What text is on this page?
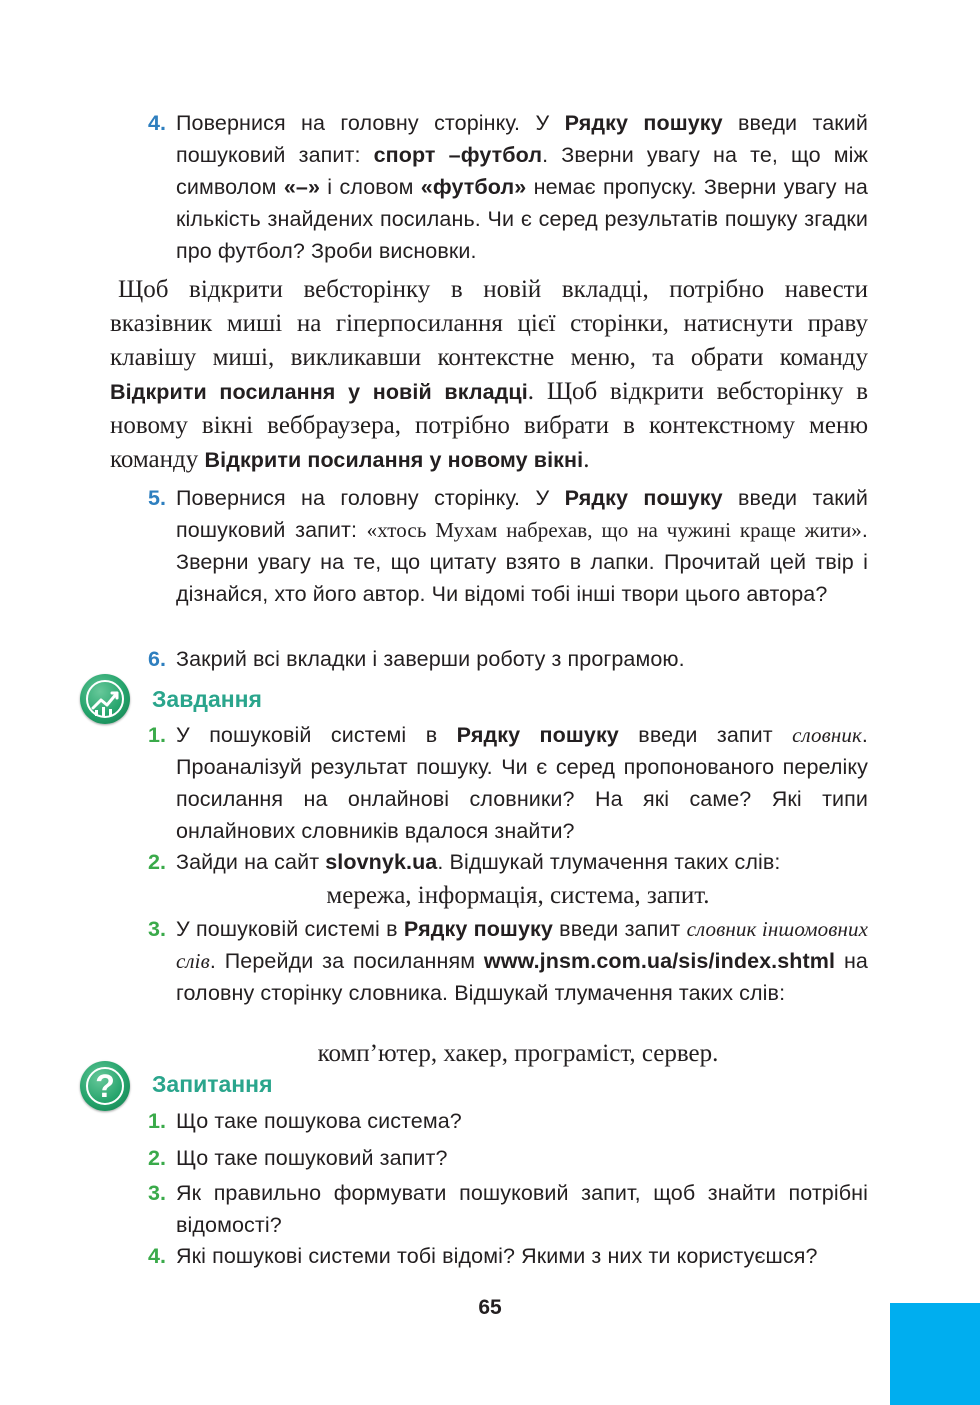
4. Повернися на головну сторінку. У Рядку пошуку введи такий пошуковий запит: спорт –футбол. Зверни увагу на те, що між символом «–» і словом «футбол» немає пропуску. Зверни увагу на кількість знайдених посилань. Чи є серед результатів пошуку згадки про футбол? Зроби висновки.
Щоб відкрити вебсторінку в новій вкладці, потрібно навести вказівник миші на гіперпосилання цієї сторінки, натиснути праву клавішу миші, викликавши контекстне меню, та обрати команду Відкрити посилання у новій вкладці. Щоб відкрити вебсторінку в новому вікні веббраузера, потрібно вибрати в контекстному меню команду Відкрити посилання у новому вікні.
5. Повернися на головну сторінку. У Рядку пошуку введи такий пошуковий запит: «хтось Мухам набрехав, що на чужині краще жити». Зверни увагу на те, що цитату взято в лапки. Прочитай цей твір і дізнайся, хто його автор. Чи відомі тобі інші твори цього автора?
6. Закрий всі вкладки і заверши роботу з програмою.
Завдання
1. У пошуковій системі в Рядку пошуку введи запит словник. Проаналізуй результат пошуку. Чи є серед пропонованого переліку посилання на онлайнові словники? На які саме? Які типи онлайнових словників вдалося знайти?
2. Зайди на сайт slovnyk.ua. Відшукай тлумачення таких слів:
мережа, інформація, система, запит.
3. У пошуковій системі в Рядку пошуку введи запит словник іншомовних слів. Перейди за посиланням www.jnsm.com.ua/sis/index.shtml на головну сторінку словника. Відшукай тлумачення таких слів:
комп’ютер, хакер, програміст, сервер.
?	Запитання
1. Що таке пошукова система?
2. Що таке пошуковий запит?
3. Як правильно формувати пошуковий запит, щоб знайти потрібні відомості?
4. Які пошукові системи тобі відомі? Якими з них ти користуєшся?
65
